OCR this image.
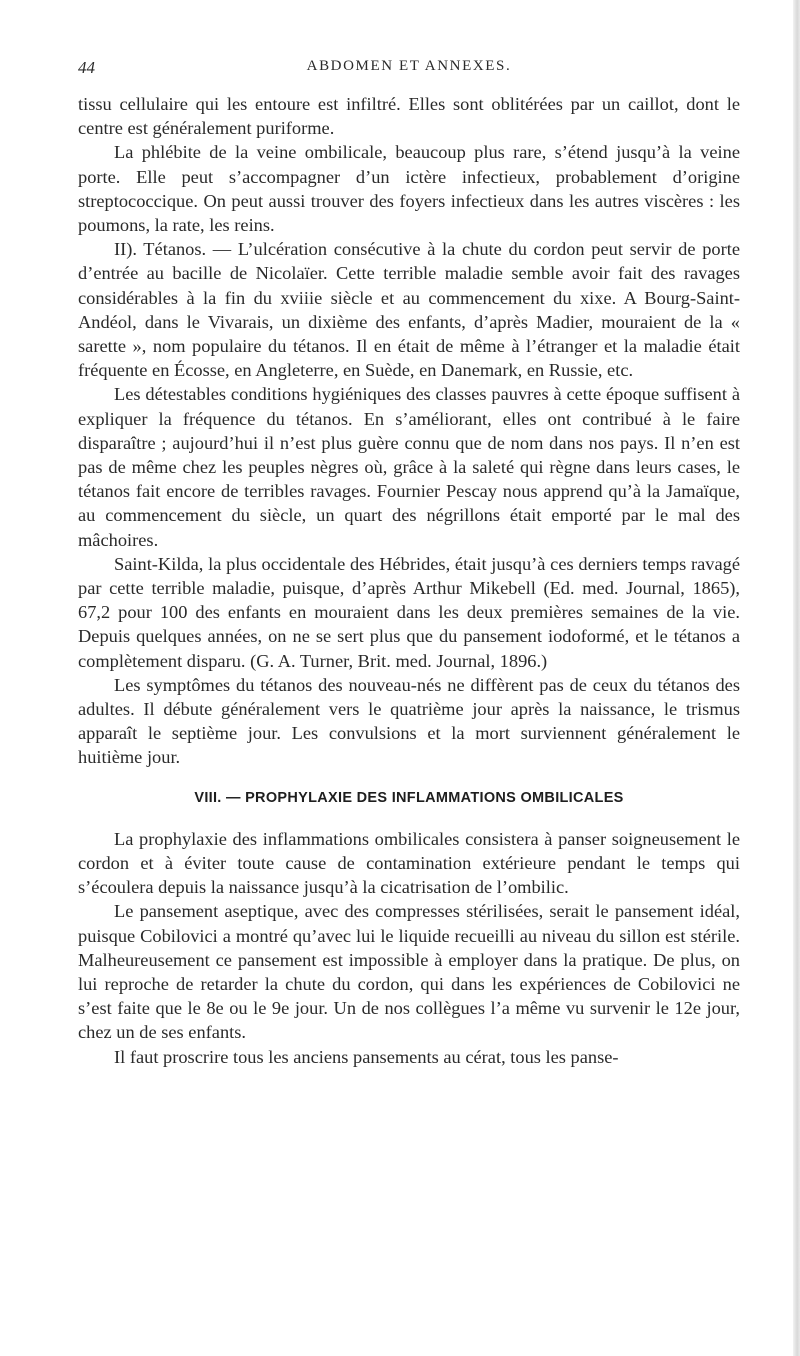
44	ABDOMEN ET ANNEXES.

tissu cellulaire qui les entoure est infiltré. Elles sont oblitérées par un caillot, dont le centre est généralement puriforme.

La phlébite de la veine ombilicale, beaucoup plus rare, s’étend jusqu’à la veine porte. Elle peut s’accompagner d’un ictère infectieux, probablement d’origine streptococcique. On peut aussi trouver des foyers infectieux dans les autres viscères : les poumons, la rate, les reins.

II). Tétanos. — L’ulcération consécutive à la chute du cordon peut servir de porte d’entrée au bacille de Nicolaïer. Cette terrible maladie semble avoir fait des ravages considérables à la fin du xviiie siècle et au commencement du xixe. A Bourg-Saint-Andéol, dans le Vivarais, un dixième des enfants, d’après Madier, mouraient de la « sarette », nom populaire du tétanos. Il en était de même à l’étranger et la maladie était fréquente en Écosse, en Angleterre, en Suède, en Danemark, en Russie, etc.

Les détestables conditions hygiéniques des classes pauvres à cette époque suffisent à expliquer la fréquence du tétanos. En s’améliorant, elles ont contribué à le faire disparaître ; aujourd’hui il n’est plus guère connu que de nom dans nos pays. Il n’en est pas de même chez les peuples nègres où, grâce à la saleté qui règne dans leurs cases, le tétanos fait encore de terribles ravages. Fournier Pescay nous apprend qu’à la Jamaïque, au commencement du siècle, un quart des négrillons était emporté par le mal des mâchoires.

Saint-Kilda, la plus occidentale des Hébrides, était jusqu’à ces derniers temps ravagé par cette terrible maladie, puisque, d’après Arthur Mikebell (Ed. med. Journal, 1865), 67,2 pour 100 des enfants en mouraient dans les deux premières semaines de la vie. Depuis quelques années, on ne se sert plus que du pansement iodoformé, et le tétanos a complètement disparu. (G. A. Turner, Brit. med. Journal, 1896.)

Les symptômes du tétanos des nouveau-nés ne diffèrent pas de ceux du tétanos des adultes. Il débute généralement vers le quatrième jour après la naissance, le trismus apparaît le septième jour. Les convulsions et la mort surviennent généralement le huitième jour.

VIII. — PROPHYLAXIE DES INFLAMMATIONS OMBILICALES

La prophylaxie des inflammations ombilicales consistera à panser soigneusement le cordon et à éviter toute cause de contamination extérieure pendant le temps qui s’écoulera depuis la naissance jusqu’à la cicatrisation de l’ombilic.

Le pansement aseptique, avec des compresses stérilisées, serait le pansement idéal, puisque Cobilovici a montré qu’avec lui le liquide recueilli au niveau du sillon est stérile. Malheureusement ce pansement est impossible à employer dans la pratique. De plus, on lui reproche de retarder la chute du cordon, qui dans les expériences de Cobilovici ne s’est faite que le 8e ou le 9e jour. Un de nos collègues l’a même vu survenir le 12e jour, chez un de ses enfants.

Il faut proscrire tous les anciens pansements au cérat, tous les panse-
